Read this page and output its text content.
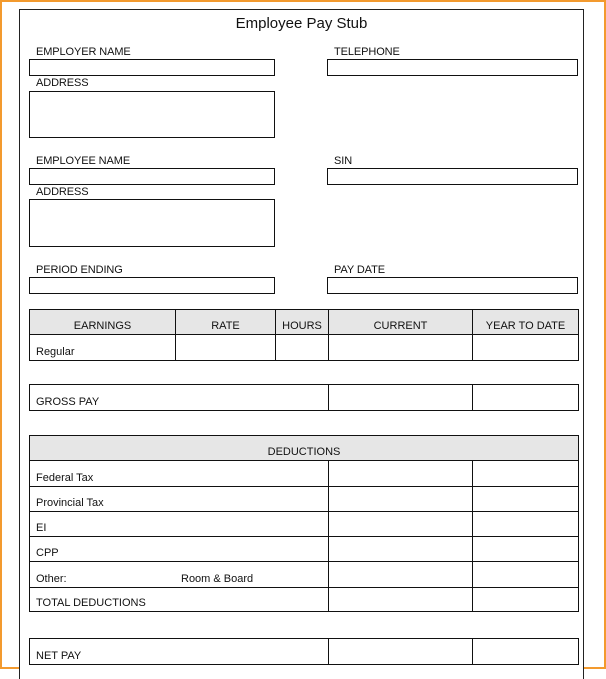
Employee Pay Stub
EMPLOYER NAME	TELEPHONE
ADDRESS
EMPLOYEE NAME	SIN
ADDRESS
PERIOD ENDING	PAY DATE
EARNINGS	RATE	HOURS	CURRENT	YEAR TO DATE
Regular				
GROSS PAY		
DEDUCTIONS		
Federal Tax		
Provincial Tax		
EI		
CPP		
Other: Room & Board		

TOTAL DEDUCTIONS		
NET PAY		
